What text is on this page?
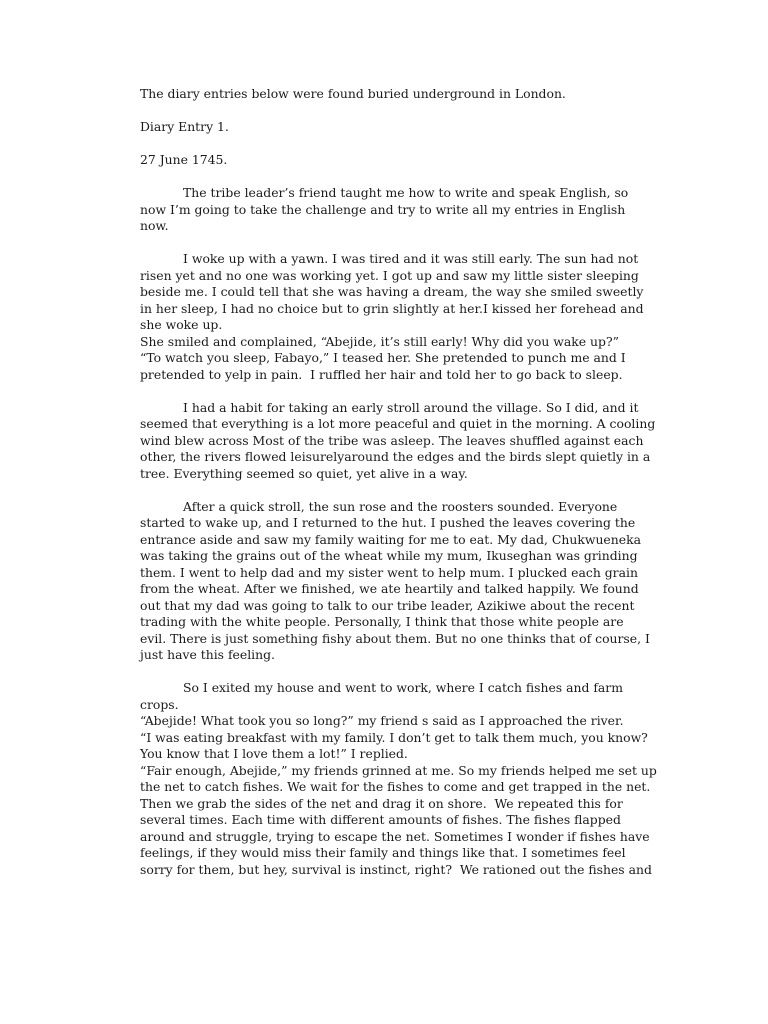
The diary entries below were found buried underground in London.
Diary Entry 1.
27 June 1745.
The tribe leader’s friend taught me how to write and speak English, so
now I’m going to take the challenge and try to write all my entries in English
now.
I woke up with a yawn. I was tired and it was still early. The sun had not
risen yet and no one was working yet. I got up and saw my little sister sleeping
beside me. I could tell that she was having a dream, the way she smiled sweetly
in her sleep, I had no choice but to grin slightly at her.I kissed her forehead and
she woke up.
She smiled and complained, “Abejide, it’s still early! Why did you wake up?”
“To watch you sleep, Fabayo,” I teased her. She pretended to punch me and I
pretended to yelp in pain.  I ruffled her hair and told her to go back to sleep.
I had a habit for taking an early stroll around the village. So I did, and it
seemed that everything is a lot more peaceful and quiet in the morning. A cooling
wind blew across Most of the tribe was asleep. The leaves shuffled against each
other, the rivers flowed leisurelyaround the edges and the birds slept quietly in a
tree. Everything seemed so quiet, yet alive in a way.
After a quick stroll, the sun rose and the roosters sounded. Everyone
started to wake up, and I returned to the hut. I pushed the leaves covering the
entrance aside and saw my family waiting for me to eat. My dad, Chukwueneka
was taking the grains out of the wheat while my mum, Ikuseghan was grinding
them. I went to help dad and my sister went to help mum. I plucked each grain
from the wheat. After we finished, we ate heartily and talked happily. We found
out that my dad was going to talk to our tribe leader, Azikiwe about the recent
trading with the white people. Personally, I think that those white people are
evil. There is just something fishy about them. But no one thinks that of course, I
just have this feeling.
So I exited my house and went to work, where I catch fishes and farm
crops.
“Abejide! What took you so long?” my friend s said as I approached the river.
“I was eating breakfast with my family. I don’t get to talk them much, you know?
You know that I love them a lot!” I replied.
“Fair enough, Abejide,” my friends grinned at me. So my friends helped me set up
the net to catch fishes. We wait for the fishes to come and get trapped in the net.
Then we grab the sides of the net and drag it on shore.  We repeated this for
several times. Each time with different amounts of fishes. The fishes flapped
around and struggle, trying to escape the net. Sometimes I wonder if fishes have
feelings, if they would miss their family and things like that. I sometimes feel
sorry for them, but hey, survival is instinct, right?  We rationed out the fishes and
